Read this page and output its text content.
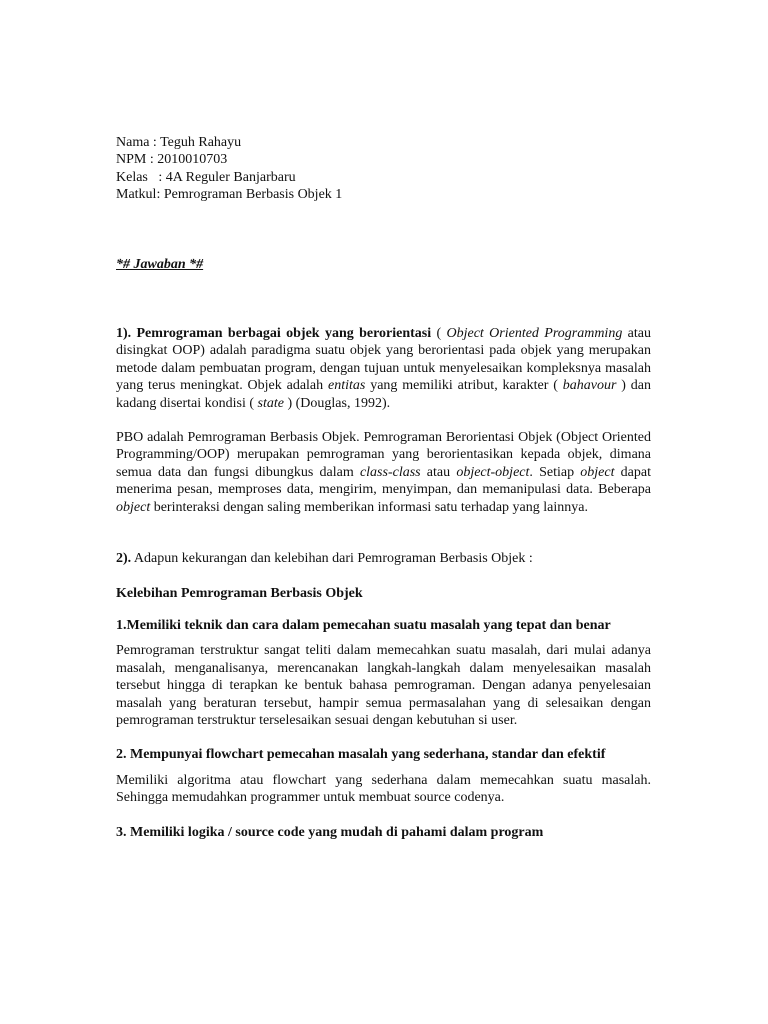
Nama : Teguh Rahayu
NPM : 2010010703
Kelas   : 4A Reguler Banjarbaru
Matkul: Pemrograman Berbasis Objek 1
*# Jawaban *#
1). Pemrograman berbagai objek yang berorientasi ( Object Oriented Programming atau disingkat OOP) adalah paradigma suatu objek yang berorientasi pada objek yang merupakan metode dalam pembuatan program, dengan tujuan untuk menyelesaikan kompleksnya masalah yang terus meningkat. Objek adalah entitas yang memiliki atribut, karakter ( bahavour ) dan kadang disertai kondisi ( state ) (Douglas, 1992).
PBO adalah Pemrograman Berbasis Objek. Pemrograman Berorientasi Objek (Object Oriented Programming/OOP) merupakan pemrograman yang berorientasikan kepada objek, dimana semua data dan fungsi dibungkus dalam class-class atau object-object. Setiap object dapat menerima pesan, memproses data, mengirim, menyimpan, dan memanipulasi data. Beberapa object berinteraksi dengan saling memberikan informasi satu terhadap yang lainnya.
2). Adapun kekurangan dan kelebihan dari Pemrograman Berbasis Objek :
Kelebihan Pemrograman Berbasis Objek
1.Memiliki teknik dan cara dalam pemecahan suatu masalah yang tepat dan benar
Pemrograman terstruktur sangat teliti dalam memecahkan suatu masalah, dari mulai adanya masalah, menganalisanya, merencanakan langkah-langkah dalam menyelesaikan masalah tersebut hingga di terapkan ke bentuk bahasa pemrograman. Dengan adanya penyelesaian masalah yang beraturan tersebut, hampir semua permasalahan yang di selesaikan dengan pemrograman terstruktur terselesaikan sesuai dengan kebutuhan si user.
2. Mempunyai flowchart pemecahan masalah yang sederhana, standar dan efektif
Memiliki algoritma atau flowchart yang sederhana dalam memecahkan suatu masalah. Sehingga memudahkan programmer untuk membuat source codenya.
3. Memiliki logika / source code yang mudah di pahami dalam program
